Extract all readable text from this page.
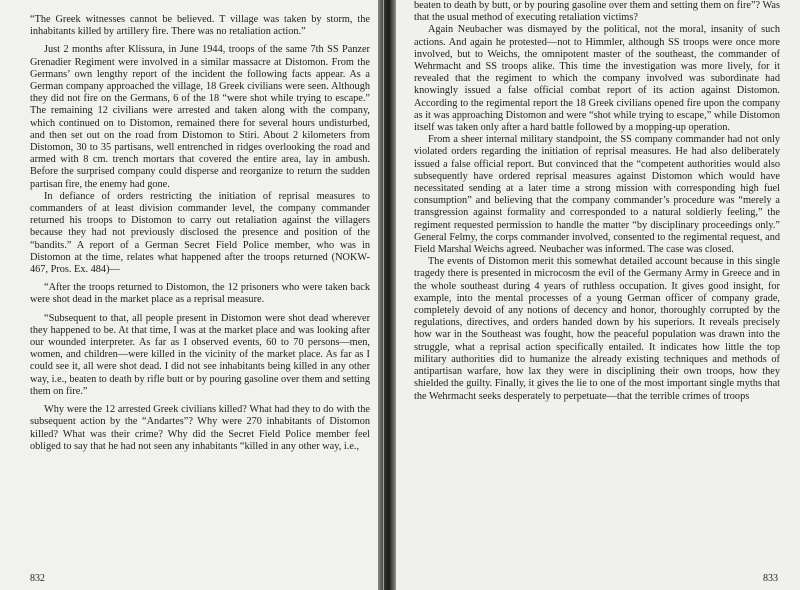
“The Greek witnesses cannot be believed. T village was taken by storm, the inhabitants killed by artillery fire. There was no retaliation action.”

Just 2 months after Klissura, in June 1944, troops of the same 7th SS Panzer Grenadier Regiment were involved in a similar massacre at Distomon. From the Germans’ own lengthy report of the incident the following facts appear. As a German company approached the village, 18 Greek civilians were seen. Although they did not fire on the Germans, 6 of the 18 “were shot while trying to escape.” The remaining 12 civilians were arrested and taken along with the company, which continued on to Distomon, remained there for several hours undisturbed, and then set out on the road from Distomon to Stiri. About 2 kilometers from Distomon, 30 to 35 partisans, well entrenched in ridges overlooking the road and armed with 8 cm. trench mortars that covered the entire area, lay in ambush. Before the surprised company could disperse and reorganize to return the sudden partisan fire, the enemy had gone.

In defiance of orders restricting the initiation of reprisal measures to commanders of at least division commander level, the company commander returned his troops to Distomon to carry out retaliation against the villagers because they had not previously disclosed the presence and position of the “bandits.” A report of a German Secret Field Police member, who was in Distomon at the time, relates what happened after the troops returned (NOKW-467, Pros. Ex. 484)—

“After the troops returned to Distomon, the 12 prisoners who were taken back were shot dead in the market place as a reprisal measure.

“Subsequent to that, all people present in Distomon were shot dead wherever they happened to be. At that time, I was at the market place and was looking after our wounded interpreter. As far as I observed events, 60 to 70 persons—men, women, and children—were killed in the vicinity of the market place. As far as I could see it, all were shot dead. I did not see inhabitants being killed in any other way, i.e., beaten to death by rifle butt or by pouring gasoline over them and setting them on fire.”

Why were the 12 arrested Greek civilians killed? What had they to do with the subsequent action by the “Andartes”? Why were 270 inhabitants of Distomon killed? What was their crime? Why did the Secret Field Police member feel obliged to say that he had not seen any inhabitants “killed in any other way, i.e.,

832

beaten to death by butt, or by pouring gasoline over them and setting them on fire”? Was that the usual method of executing retaliation victims?

Again Neubacher was dismayed by the political, not the moral, insanity of such actions. And again he protested—not to Himmler, although SS troops were once more involved, but to Weichs, the omnipotent master of the southeast, the commander of Wehrmacht and SS troops alike. This time the investigation was more lively, for it revealed that the regiment to which the company involved was subordinate had knowingly issued a false official combat report of its action against Distomon. According to the regimental report the 18 Greek civilians opened fire upon the company as it was approaching Distomon and were “shot while trying to escape,” while Distomon itself was taken only after a hard battle followed by a mopping-up operation.

From a sheer internal military standpoint, the SS company commander had not only violated orders regarding the initiation of reprisal measures. He had also deliberately issued a false official report. But convinced that the “competent authorities would also subsequently have ordered reprisal measures against Distomon which would have necessitated sending at a later time a strong mission with corresponding high fuel consumption” and believing that the company commander’s procedure was “merely a transgression against formality and corresponded to a natural soldierly feeling,” the regiment requested permission to handle the matter “by disciplinary proceedings only.” General Felmy, the corps commander involved, consented to the regimental request, and Field Marshal Weichs agreed. Neubacher was informed. The case was closed.

The events of Distomon merit this somewhat detailed account because in this single tragedy there is presented in microcosm the evil of the Germany Army in Greece and in the whole southeast during 4 years of ruthless occupation. It gives good insight, for example, into the mental processes of a young German officer of company grade, completely devoid of any notions of decency and honor, thoroughly corrupted by the regulations, directives, and orders handed down by his superiors. It reveals precisely how war in the Southeast was fought, how the peaceful population was drawn into the struggle, what a reprisal action specifically entailed. It indicates how little the top military authorities did to humanize the already existing techniques and methods of antipartisan warfare, how lax they were in disciplining their own troops, how they shielded the guilty. Finally, it gives the lie to one of the most important single myths that the Wehrmacht seeks desperately to perpetuate—that the terrible crimes of troops

833
